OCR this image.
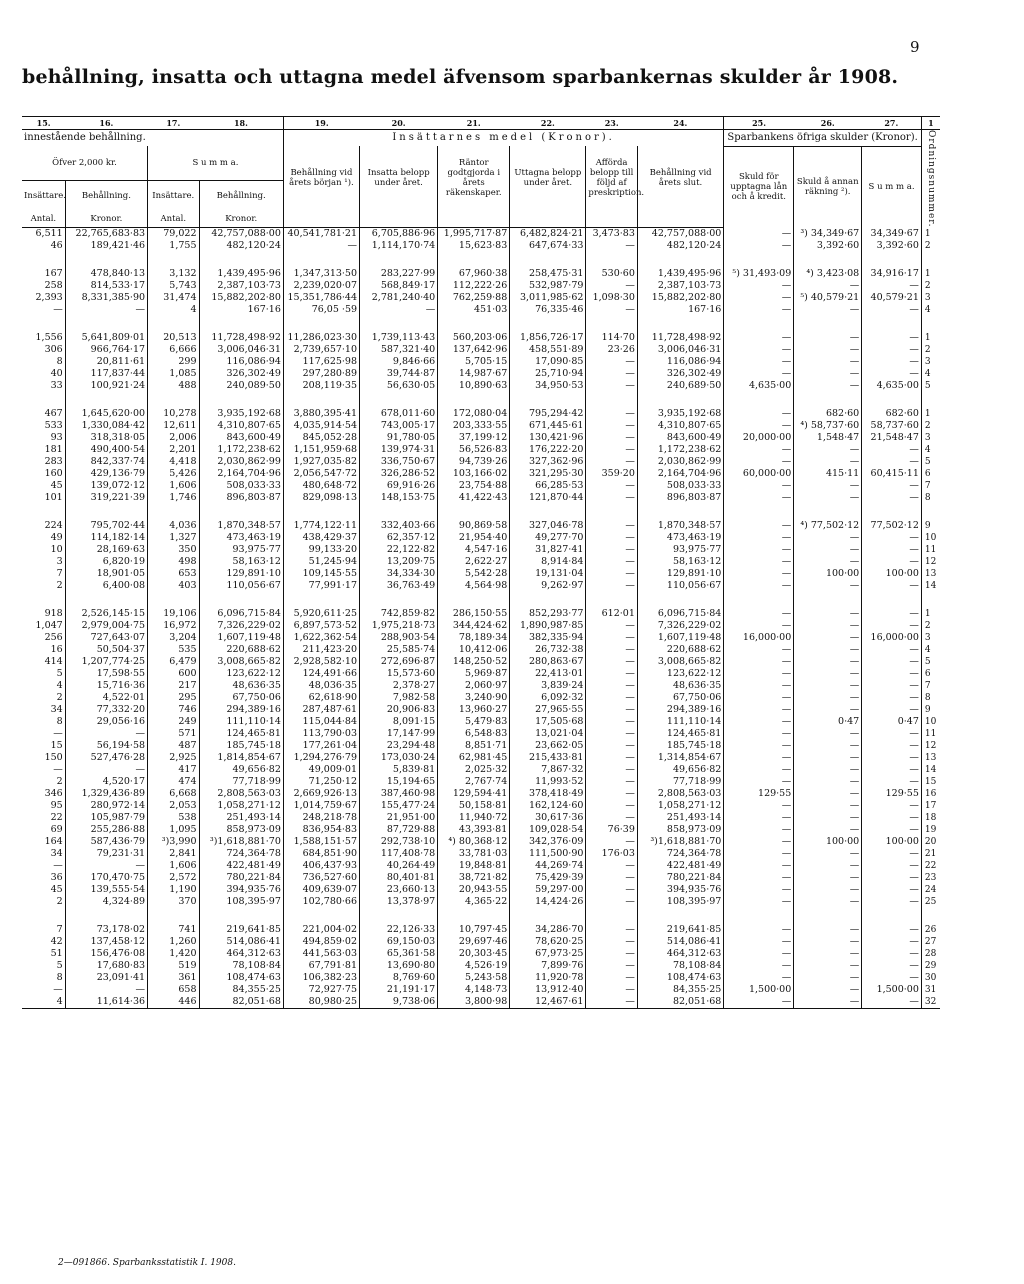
9
behållning, insatta och uttagna medel äfvensom sparbankernas skulder år 1908.
15.	16.	17.	18.	19.	20.	21.	22.	23.	24.	25.	26.	27.	1
innestående behållning.				Insättarnes medel (Kronor).						Sparbankens öfriga skulder (Kronor).			Ordningsnummer.
Öfver 2,000 kr.		S u m m a.		Behållning vid årets början ¹).	Insatta belopp under året.	Räntor godtgjorda i årets räkenskaper.	Uttagna belopp under året.	Afförda belopp till följd af preskription.	Behållning vid årets slut.	Skuld för upptagna lån och å kredit.	Skuld å annan räkning ²).	S u m m a.	
Insättare.	Behållning.	Insättare.	Behållning.										
Antal.	Kronor.	Antal.	Kronor.										
6,511	22,765,683·83	79,022	42,757,088·00	40,541,781·21	6,705,886·96	1,995,717·87	6,482,824·21	3,473·83	42,757,088·00	—	³) 34,349·67	34,349·67	1
46	189,421·46	1,755	482,120·24	—	1,114,170·74	15,623·83	647,674·33	—	482,120·24	—	3,392·60	3,392·60	2

167	478,840·13	3,132	1,439,495·96	1,347,313·50	283,227·99	67,960·38	258,475·31	530·60	1,439,495·96	⁵) 31,493·09	⁴) 3,423·08	34,916·17	1
258	814,533·17	5,743	2,387,103·73	2,239,020·07	568,849·17	112,222·26	532,987·79	—	2,387,103·73	—	—	—	2
2,393	8,331,385·90	31,474	15,882,202·80	15,351,786·44	2,781,240·40	762,259·88	3,011,985·62	1,098·30	15,882,202·80	—	⁵) 40,579·21	40,579·21	3
—	—	4	167·16	76,05 ·59	—	451·03	76,335·46	—	167·16	—	—	—	4

1,556	5,641,809·01	20,513	11,728,498·92	11,286,023·30	1,739,113·43	560,203·06	1,856,726·17	114·70	11,728,498·92	—	—	—	1
306	966,764·17	6,666	3,006,046·31	2,739,657·10	587,321·40	137,642·96	458,551·89	23·26	3,006,046·31	—	—	—	2
8	20,811·61	299	116,086·94	117,625·98	9,846·66	5,705·15	17,090·85	—	116,086·94	—	—	—	3
40	117,837·44	1,085	326,302·49	297,280·89	39,744·87	14,987·67	25,710·94	—	326,302·49	—	—	—	4
33	100,921·24	488	240,089·50	208,119·35	56,630·05	10,890·63	34,950·53	—	240,689·50	4,635·00	—	4,635·00	5

467	1,645,620·00	10,278	3,935,192·68	3,880,395·41	678,011·60	172,080·04	795,294·42	—	3,935,192·68	—	682·60	682·60	1
533	1,330,084·42	12,611	4,310,807·65	4,035,914·54	743,005·17	203,333·55	671,445·61	—	4,310,807·65	—	⁴) 58,737·60	58,737·60	2
93	318,318·05	2,006	843,600·49	845,052·28	91,780·05	37,199·12	130,421·96	—	843,600·49	20,000·00	1,548·47	21,548·47	3
181	490,400·54	2,201	1,172,238·62	1,151,959·68	139,974·31	56,526·83	176,222·20	—	1,172,238·62	—	—	—	4
283	842,337·74	4,418	2,030,862·99	1,927,035·82	336,750·67	94,739·26	327,362·96	—	2,030,862·99	—	—	—	5
160	429,136·79	5,426	2,164,704·96	2,056,547·72	326,286·52	103,166·02	321,295·30	359·20	2,164,704·96	60,000·00	415·11	60,415·11	6
45	139,072·12	1,606	508,033·33	480,648·72	69,916·26	23,754·88	66,285·53	—	508,033·33	—	—	—	7
101	319,221·39	1,746	896,803·87	829,098·13	148,153·75	41,422·43	121,870·44	—	896,803·87	—	—	—	8

224	795,702·44	4,036	1,870,348·57	1,774,122·11	332,403·66	90,869·58	327,046·78	—	1,870,348·57	—	⁴) 77,502·12	77,502·12	9
49	114,182·14	1,327	473,463·19	438,429·37	62,357·12	21,954·40	49,277·70	—	473,463·19	—	—	—	10
10	28,169·63	350	93,975·77	99,133·20	22,122·82	4,547·16	31,827·41	—	93,975·77	—	—	—	11
3	6,820·19	498	58,163·12	51,245·94	13,209·75	2,622·27	8,914·84	—	58,163·12	—	—	—	12
7	18,901·05	653	129,891·10	109,145·55	34,334·30	5,542·28	19,131·04	—	129,891·10	—	100·00	100·00	13
2	6,400·08	403	110,056·67	77,991·17	36,763·49	4,564·98	9,262·97	—	110,056·67	—	—	—	14

918	2,526,145·15	19,106	6,096,715·84	5,920,611·25	742,859·82	286,150·55	852,293·77	612·01	6,096,715·84	—	—	—	1
1,047	2,979,004·75	16,972	7,326,229·02	6,897,573·52	1,975,218·73	344,424·62	1,890,987·85	—	7,326,229·02	—	—	—	2
256	727,643·07	3,204	1,607,119·48	1,622,362·54	288,903·54	78,189·34	382,335·94	—	1,607,119·48	16,000·00	—	16,000·00	3
16	50,504·37	535	220,688·62	211,423·20	25,585·74	10,412·06	26,732·38	—	220,688·62	—	—	—	4
414	1,207,774·25	6,479	3,008,665·82	2,928,582·10	272,696·87	148,250·52	280,863·67	—	3,008,665·82	—	—	—	5
5	17,598·55	600	123,622·12	124,491·66	15,573·60	5,969·87	22,413·01	—	123,622·12	—	—	—	6
4	15,716·36	217	48,636·35	48,036·35	2,378·27	2,060·97	3,839·24	—	48,636·35	—	—	—	7
2	4,522·01	295	67,750·06	62,618·90	7,982·58	3,240·90	6,092·32	—	67,750·06	—	—	—	8
34	77,332·20	746	294,389·16	287,487·61	20,906·83	13,960·27	27,965·55	—	294,389·16	—	—	—	9
8	29,056·16	249	111,110·14	115,044·84	8,091·15	5,479·83	17,505·68	—	111,110·14	—	0·47	0·47	10
—	—	571	124,465·81	113,790·03	17,147·99	6,548·83	13,021·04	—	124,465·81	—	—	—	11
15	56,194·58	487	185,745·18	177,261·04	23,294·48	8,851·71	23,662·05	—	185,745·18	—	—	—	12
150	527,476·28	2,925	1,814,854·67	1,294,276·79	173,030·24	62,981·45	215,433·81	—	1,314,854·67	—	—	—	13
—	—	417	49,656·82	49,009·01	5,839·81	2,025·32	7,867·32	—	49,656·82	—	—	—	14
2	4,520·17	474	77,718·99	71,250·12	15,194·65	2,767·74	11,993·52	—	77,718·99	—	—	—	15
346	1,329,436·89	6,668	2,808,563·03	2,669,926·13	387,460·98	129,594·41	378,418·49	—	2,808,563·03	129·55	—	129·55	16
95	280,972·14	2,053	1,058,271·12	1,014,759·67	155,477·24	50,158·81	162,124·60	—	1,058,271·12	—	—	—	17
22	105,987·79	538	251,493·14	248,218·78	21,951·00	11,940·72	30,617·36	—	251,493·14	—	—	—	18
69	255,286·88	1,095	858,973·09	836,954·83	87,729·88	43,393·81	109,028·54	76·39	858,973·09	—	—	—	19
164	587,436·79	³)3,990	³)1,618,881·70	1,588,151·57	292,738·10	⁴) 80,368·12	342,376·09	—	³)1,618,881·70	—	100·00	100·00	20
34	79,231·31	2,841	724,364·78	684,851·90	117,408·78	33,781·03	111,500·90	176·03	724,364·78	—	—	—	21
—	—	1,606	422,481·49	406,437·93	40,264·49	19,848·81	44,269·74	—	422,481·49	—	—	—	22
36	170,470·75	2,572	780,221·84	736,527·60	80,401·81	38,721·82	75,429·39	—	780,221·84	—	—	—	23
45	139,555·54	1,190	394,935·76	409,639·07	23,660·13	20,943·55	59,297·00	—	394,935·76	—	—	—	24
2	4,324·89	370	108,395·97	102,780·66	13,378·97	4,365·22	14,424·26	—	108,395·97	—	—	—	25

7	73,178·02	741	219,641·85	221,004·02	22,126·33	10,797·45	34,286·70	—	219,641·85	—	—	—	26
42	137,458·12	1,260	514,086·41	494,859·02	69,150·03	29,697·46	78,620·25	—	514,086·41	—	—	—	27
51	156,476·08	1,420	464,312·63	441,563·03	65,361·58	20,303·45	67,973·25	—	464,312·63	—	—	—	28
5	17,680·83	519	78,108·84	67,791·81	13,690·80	4,526·19	7,899·76	—	78,108·84	—	—	—	29
8	23,091·41	361	108,474·63	106,382·23	8,769·60	5,243·58	11,920·78	—	108,474·63	—	—	—	30
—	—	658	84,355·25	72,927·75	21,191·17	4,148·73	13,912·40	—	84,355·25	1,500·00	—	1,500·00	31
4	11,614·36	446	82,051·68	80,980·25	9,738·06	3,800·98	12,467·61	—	82,051·68	—	—	—	32
2—091866. Sparbanksstatistik I. 1908.
